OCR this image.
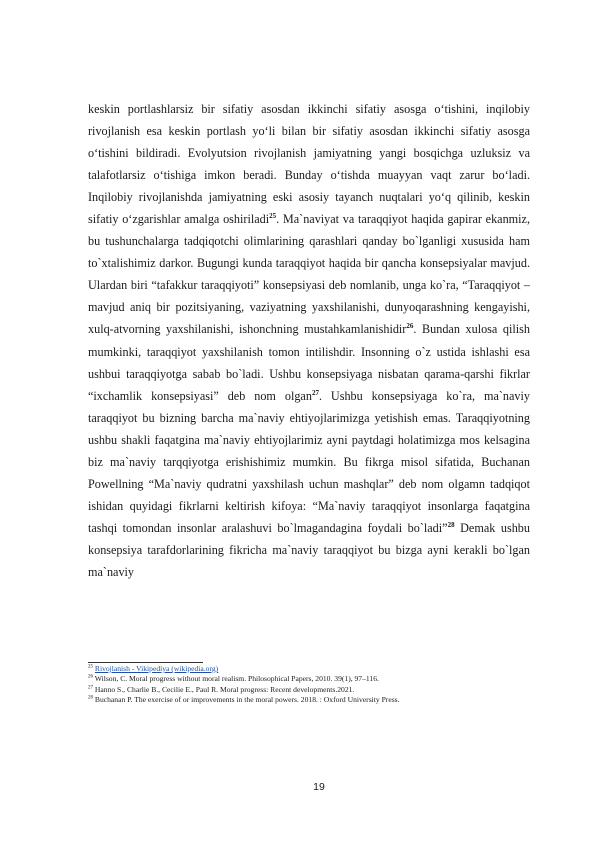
keskin portlashlarsiz bir sifatiy asosdan ikkinchi sifatiy asosga o‘tishini, inqilobiy rivojlanish esa keskin portlash yo‘li bilan bir sifatiy asosdan ikkinchi sifatiy asosga o‘tishini bildiradi. Evolyutsion rivojlanish jamiyatning yangi bosqichga uzluksiz va talafotlarsiz o‘tishiga imkon beradi. Bunday o‘tishda muayyan vaqt zarur bo‘ladi. Inqilobiy rivojlanishda jamiyatning eski asosiy tayanch nuqtalari yo‘q qilinib, keskin sifatiy o‘zgarishlar amalga oshiriladi$^{25}$. Ma`naviyat va taraqqiyot haqida gapirar ekanmiz, bu tushunchalarga tadqiqotchi olimlarining qarashlari qanday bo`lganligi xususida ham to`xtalishimiz darkor. Bugungi kunda taraqqiyot haqida bir qancha konsepsiyalar mavjud. Ulardan biri “tafakkur taraqqiyoti” konsepsiyasi deb nomlanib, unga ko`ra, “Taraqqiyot – mavjud aniq bir pozitsiyaning, vaziyatning yaxshilanishi, dunyoqarashning kengayishi, xulq-atvorning yaxshilanishi, ishonchning mustahkamlanishidir$^{26}$. Bundan xulosa qilish mumkinki, taraqqiyot yaxshilanish tomon intilishdir. Insonning o`z ustida ishlashi esa ushbui taraqqiyotga sabab bo`ladi. Ushbu konsepsiyaga nisbatan qarama-qarshi fikrlar “ixchamlik konsepsiyasi” deb nom olgan$^{27}$. Ushbu konsepsiyaga ko`ra, ma`naviy taraqqiyot bu bizning barcha ma`naviy ehtiyojlarimizga yetishish emas. Taraqqiyotning ushbu shakli faqatgina ma`naviy ehtiyojlarimiz ayni paytdagi holatimizga mos kelsagina biz ma`naviy tarqqiyotga erishishimiz mumkin. Bu fikrga misol sifatida, Buchanan Powellning “Ma`naviy qudratni yaxshilash uchun mashqlar” deb nom olgamn tadqiqot ishidan quyidagi fikrlarni keltirish kifoya: “Ma`naviy taraqqiyot insonlarga faqatgina tashqi tomondan insonlar aralashuvi bo`lmagandagina foydali bo`ladi”$^{28}$ Demak ushbu konsepsiya tarafdorlarining fikricha ma`naviy taraqqiyot bu bizga ayni kerakli bo`lgan ma`naviy

$^{25}$ Rivojlanish - Vikipediya (wikipedia.org)
$^{26}$ Wilson, C. Moral progress without moral realism. Philosophical Papers, 2010. 39(1), 97–116.
$^{27}$ Hanno S., Charlie B., Cecilie E., Paul R. Moral progress: Recent developments.2021.
$^{28}$ Buchanan P. The exercise of or improvements in the moral powers. 2018. : Oxford University Press.
19
